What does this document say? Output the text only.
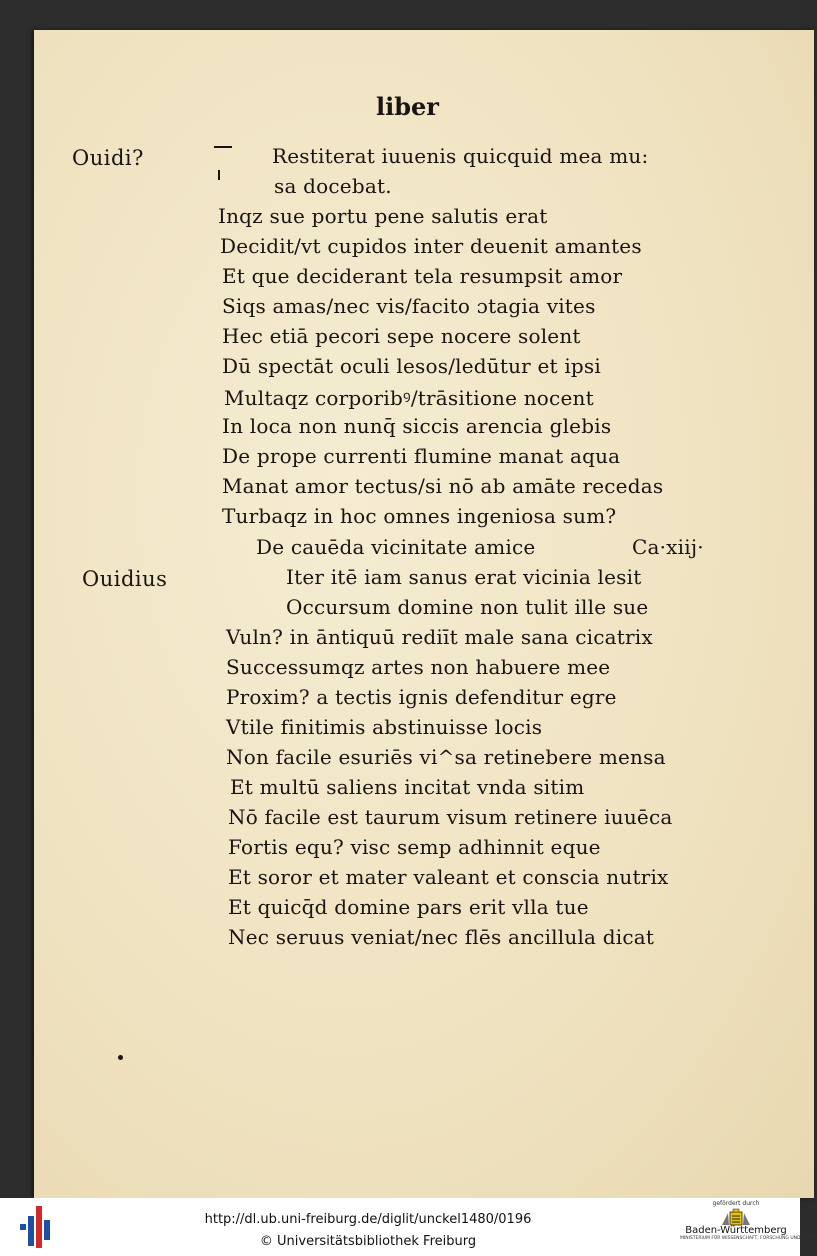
liber
Ouidi?
Ouidius
Restiterat iuuenis quicquid mea mu:
sa docebat.
Inqz sue portu pene salutis erat
Decidit/vt cupidos inter deuenit amantes
Et que deciderant tela resumpsit amor
Siqs amas/nec vis/facito ɔtagia vites
Hec etiā pecori sepe nocere solent
Dū spectāt oculi lesos/ledūtur et ipsi
Multaqz corporibꝰ/trāsitione nocent
In loca non nunq̄ siccis arencia glebis
De prope currenti flumine manat aqua
Manat amor tectus/si nō ab amāte recedas
Turbaqz in hoc omnes ingeniosa sum?
De cauēda vicinitate amice	Ca·xiij·
Iter itē iam sanus erat vicinia lesit
Occursum domine non tulit ille sue
Vuln? in āntiquū rediīt male sana cicatrix
Successumqz artes non habuere mee
Proxim? a tectis ignis defenditur egre
Vtile finitimis abstinuisse locis
Non facile esuriēs vi^sa retinebere mensa
Et multū saliens incitat vnda sitim
Nō facile est taurum visum retinere iuuēca
Fortis equ? visc semp adhinnit eque
Et soror et mater valeant et conscia nutrix
Et quicq̄d domine pars erit vlla tue
Nec seruus veniat/nec flēs ancillula dicat
http://dl.ub.uni-freiburg.de/diglit/unckel1480/0196
© Universitätsbibliothek Freiburg
gefördert durch
Baden-Württemberg
MINISTERIUM FÜR WISSENSCHAFT, FORSCHUNG UND KUNST
